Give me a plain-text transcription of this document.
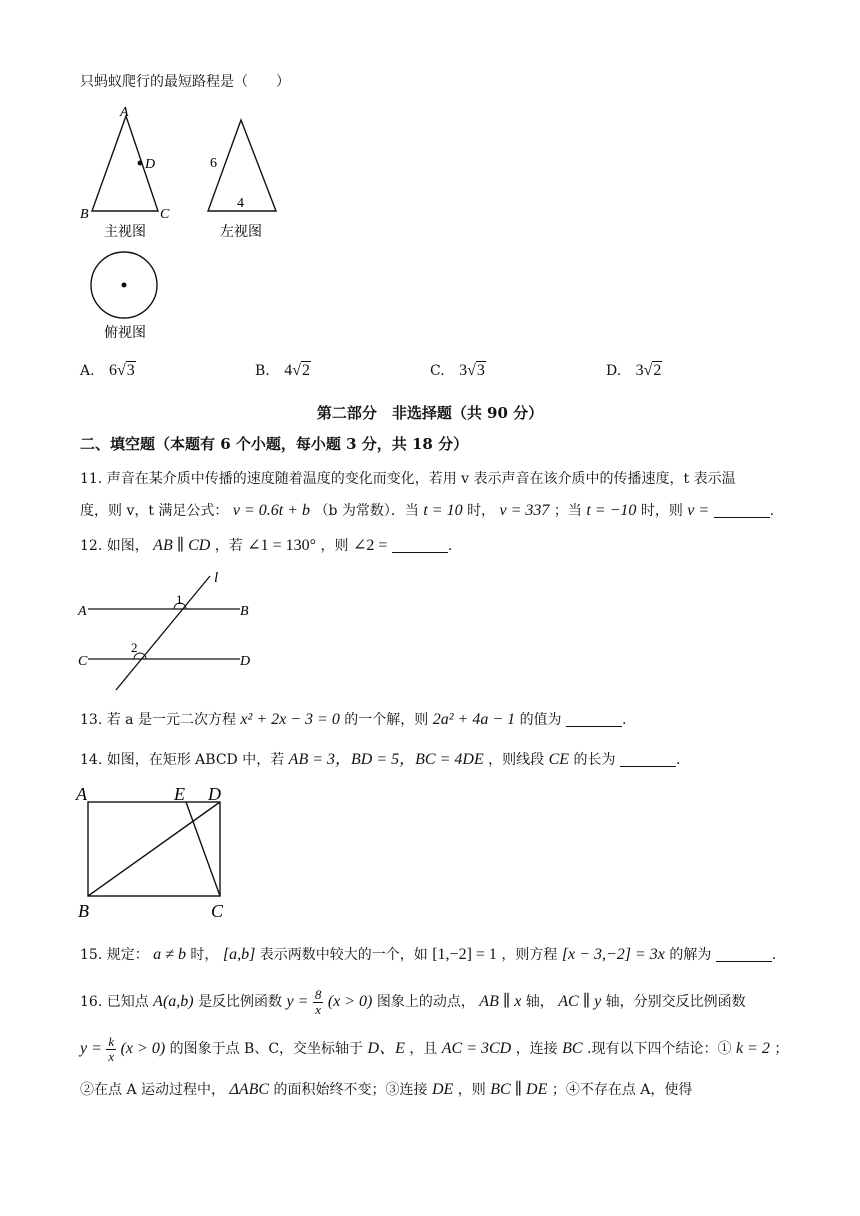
只蚂蚁爬行的最短路程是（　　）
A
B	C
D
主视图
6
4
左视图
俯视图
A. 6√3	B. 4√2	C. 3√3	D. 3√2
第二部分　非选择题（共 90 分）
二、填空题（本题有 6 个小题，每小题 3 分，共 18 分）
11. 声音在某介质中传播的速度随着温度的变化而变化，若用 v 表示声音在该介质中的传播速度，t 表示温
度，则 v，t 满足公式： v = 0.6t + b （b 为常数）．当 t = 10 时， v = 337 ；当 t = −10 时，则 v =	.
12. 如图， AB ∥ CD ，若 ∠1 = 130° ，则 ∠2 =	.
l
A	B
C	D
1
2
13. 若 a 是一元二次方程 x² + 2x − 3 = 0 的一个解，则 2a² + 4a − 1 的值为	.
14. 如图，在矩形 ABCD 中，若 AB = 3，BD = 5，BC = 4DE ，则线段 CE 的长为	.
A	E D
B	C
15. 规定： a ≠ b 时， [a,b] 表示两数中较大的一个，如 [1,−2] = 1 ，则方程 [x − 3,−2] = 3x 的解为	.
16. 已知点 A(a,b) 是反比例函数 $y = \frac{8}{x} (x > 0)$ 图象上的动点， AB ∥ x 轴， AC ∥ y 轴，分别交反比例函数
$y = \frac{k}{x} (x > 0)$ 的图象于点 B、C，交坐标轴于 D、E ，且 AC = 3CD ，连接 BC .现有以下四个结论：① k = 2 ；
②在点 A 运动过程中， ΔABC 的面积始终不变；③连接 DE ，则 BC ∥ DE ；④不存在点 A，使得
